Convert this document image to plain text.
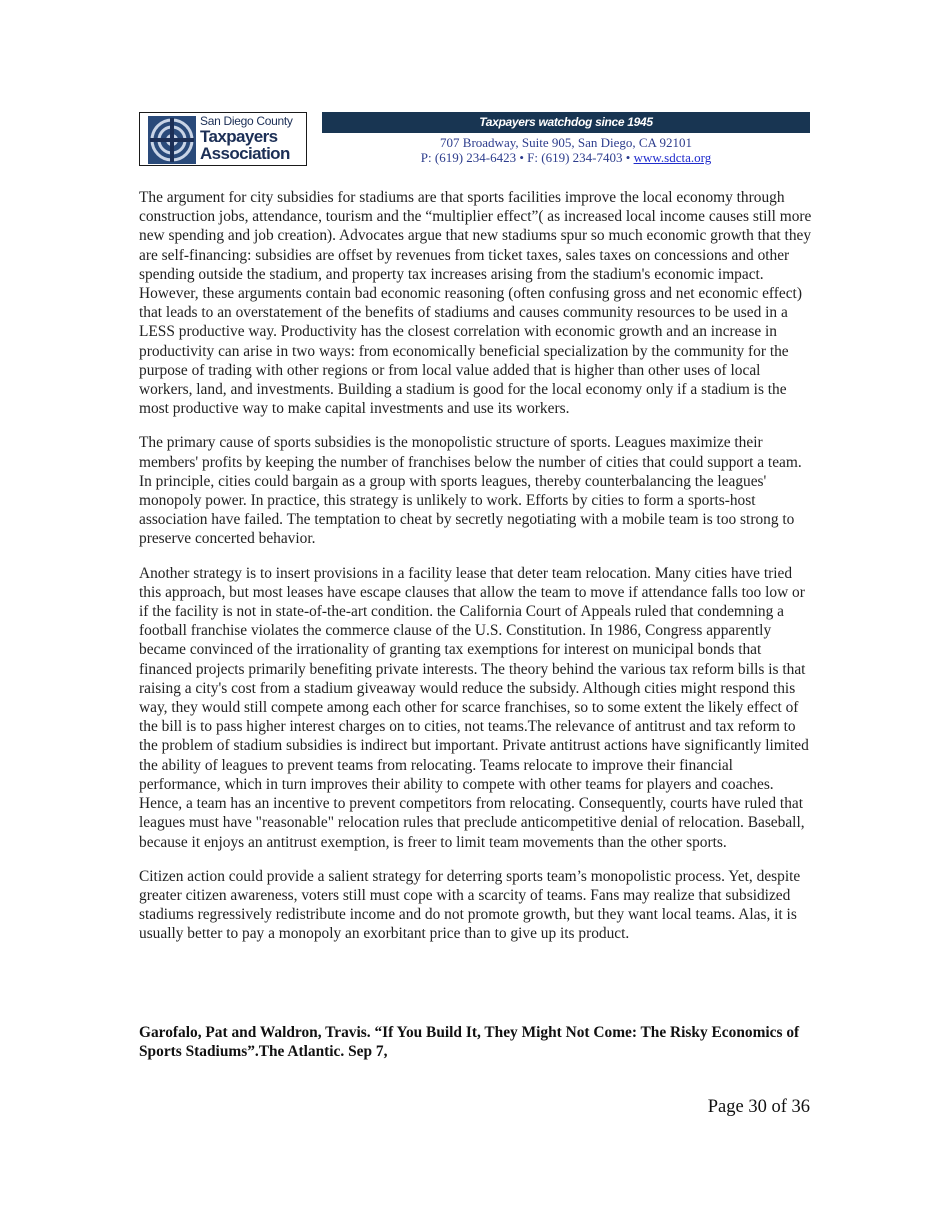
San Diego County
Taxpayers
Association
Taxpayers watchdog since 1945
707 Broadway, Suite 905, San Diego, CA 92101
P: (619) 234-6423 • F: (619) 234-7403 • www.sdcta.org

The argument for city subsidies for stadiums are that sports facilities improve the local economy through construction jobs, attendance, tourism and the “multiplier effect”( as increased local income causes still more new spending and job creation). Advocates argue that new stadiums spur so much economic growth that they are self-financing: subsidies are offset by revenues from ticket taxes, sales taxes on concessions and other spending outside the stadium, and property tax increases arising from the stadium's economic impact. However, these arguments contain bad economic reasoning (often confusing gross and net economic effect) that leads to an overstatement of the benefits of stadiums and causes community resources to be used in a LESS productive way. Productivity has the closest correlation with economic growth and an increase in productivity can arise in two ways: from economically beneficial specialization by the community for the purpose of trading with other regions or from local value added that is higher than other uses of local workers, land, and investments. Building a stadium is good for the local economy only if a stadium is the most productive way to make capital investments and use its workers.

The primary cause of sports subsidies is the monopolistic structure of sports. Leagues maximize their members' profits by keeping the number of franchises below the number of cities that could support a team. In principle, cities could bargain as a group with sports leagues, thereby counterbalancing the leagues' monopoly power. In practice, this strategy is unlikely to work. Efforts by cities to form a sports-host association have failed. The temptation to cheat by secretly negotiating with a mobile team is too strong to preserve concerted behavior.

Another strategy is to insert provisions in a facility lease that deter team relocation. Many cities have tried this approach, but most leases have escape clauses that allow the team to move if attendance falls too low or if the facility is not in state-of-the-art condition. the California Court of Appeals ruled that condemning a football franchise violates the commerce clause of the U.S. Constitution. In 1986, Congress apparently became convinced of the irrationality of granting tax exemptions for interest on municipal bonds that financed projects primarily benefiting private interests. The theory behind the various tax reform bills is that raising a city's cost from a stadium giveaway would reduce the subsidy. Although cities might respond this way, they would still compete among each other for scarce franchises, so to some extent the likely effect of the bill is to pass higher interest charges on to cities, not teams.The relevance of antitrust and tax reform to the problem of stadium subsidies is indirect but important. Private antitrust actions have significantly limited the ability of leagues to prevent teams from relocating. Teams relocate to improve their financial performance, which in turn improves their ability to compete with other teams for players and coaches. Hence, a team has an incentive to prevent competitors from relocating. Consequently, courts have ruled that leagues must have "reasonable" relocation rules that preclude anticompetitive denial of relocation. Baseball, because it enjoys an antitrust exemption, is freer to limit team movements than the other sports.

Citizen action could provide a salient strategy for deterring sports team’s monopolistic process. Yet, despite greater citizen awareness, voters still must cope with a scarcity of teams. Fans may realize that subsidized stadiums regressively redistribute income and do not promote growth, but they want local teams. Alas, it is usually better to pay a monopoly an exorbitant price than to give up its product.

Garofalo, Pat and Waldron, Travis. “If You Build It, They Might Not Come: The Risky Economics of Sports Stadiums”.The Atlantic. Sep 7,
Page 30 of 36
